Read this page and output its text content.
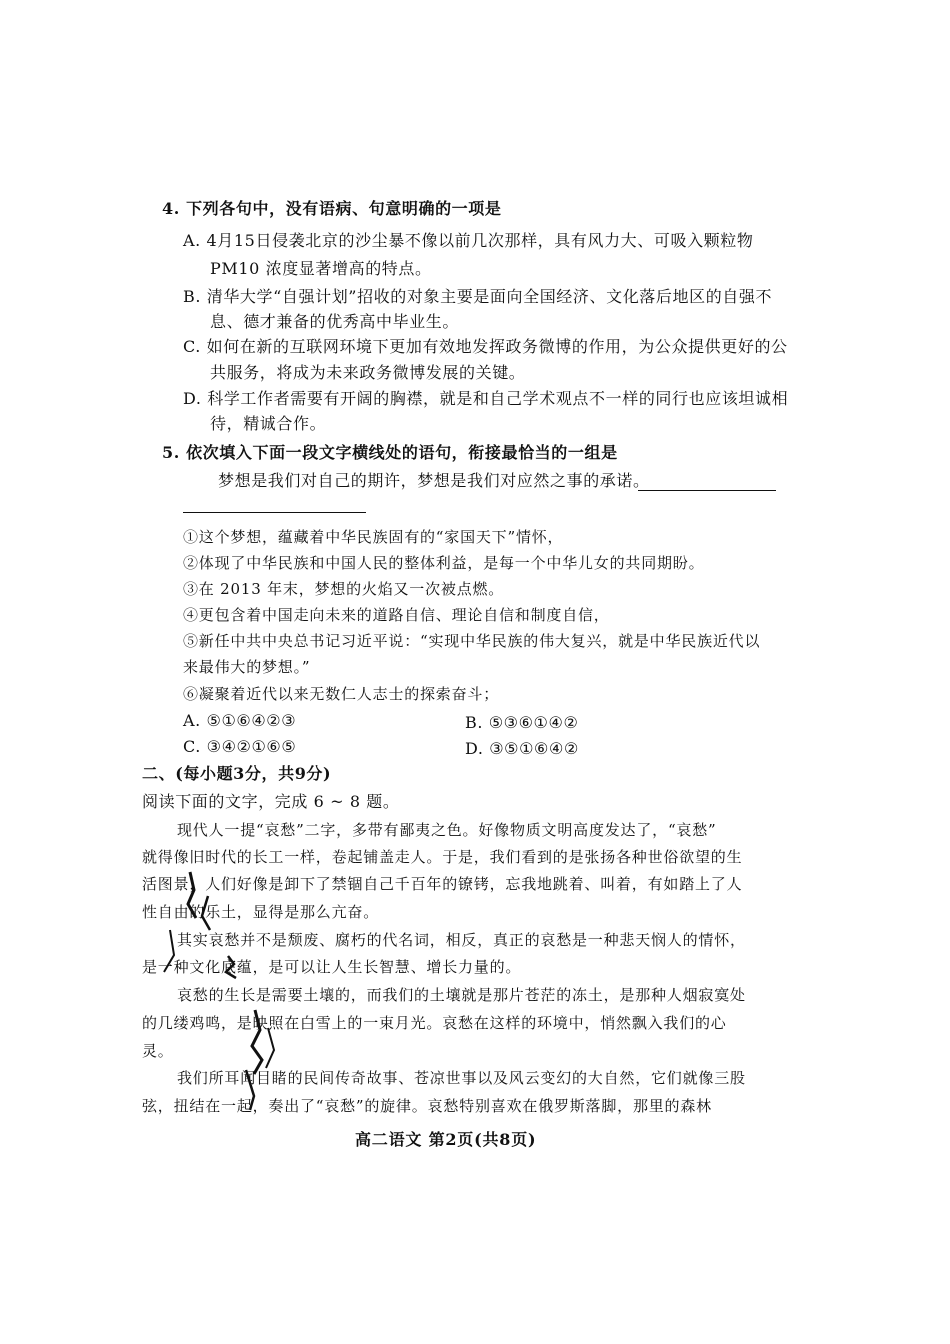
4. 下列各句中，没有语病、句意明确的一项是
A. 4月15日侵袭北京的沙尘暴不像以前几次那样，具有风力大、可吸入颗粒物
PM10 浓度显著增高的特点。
B. 清华大学“自强计划”招收的对象主要是面向全国经济、文化落后地区的自强不
息、德才兼备的优秀高中毕业生。
C. 如何在新的互联网环境下更加有效地发挥政务微博的作用，为公众提供更好的公
共服务，将成为未来政务微博发展的关键。
D. 科学工作者需要有开阔的胸襟，就是和自己学术观点不一样的同行也应该坦诚相
待，精诚合作。
5. 依次填入下面一段文字横线处的语句，衔接最恰当的一组是
梦想是我们对自己的期许，梦想是我们对应然之事的承诺。
①这个梦想，蕴藏着中华民族固有的“家国天下”情怀，
②体现了中华民族和中国人民的整体利益，是每一个中华儿女的共同期盼。
③在 2013 年末，梦想的火焰又一次被点燃。
④更包含着中国走向未来的道路自信、理论自信和制度自信，
⑤新任中共中央总书记习近平说：“实现中华民族的伟大复兴，就是中华民族近代以
来最伟大的梦想。”
⑥凝聚着近代以来无数仁人志士的探索奋斗；
A. ⑤①⑥④②③	B. ⑤③⑥①④②
C. ③④②①⑥⑤	D. ③⑤①⑥④②
二、(每小题3分，共9分)
阅读下面的文字，完成 6 ~ 8 题。
现代人一提“哀愁”二字，多带有鄙夷之色。好像物质文明高度发达了，“哀愁”
就得像旧时代的长工一样，卷起铺盖走人。于是，我们看到的是张扬各种世俗欲望的生
活图景，人们好像是卸下了禁锢自己千百年的镣铐，忘我地跳着、叫着，有如踏上了人
性自由的乐土，显得是那么亢奋。
其实哀愁并不是颓废、腐朽的代名词，相反，真正的哀愁是一种悲天悯人的情怀，
是一种文化底蕴，是可以让人生长智慧、增长力量的。
哀愁的生长是需要土壤的，而我们的土壤就是那片苍茫的冻土，是那种人烟寂寞处
的几缕鸡鸣，是映照在白雪上的一束月光。哀愁在这样的环境中，悄然飘入我们的心
灵。
我们所耳闻目睹的民间传奇故事、苍凉世事以及风云变幻的大自然，它们就像三股
弦，扭结在一起，奏出了“哀愁”的旋律。哀愁特别喜欢在俄罗斯落脚，那里的森林
高二语文 第2页(共8页)
